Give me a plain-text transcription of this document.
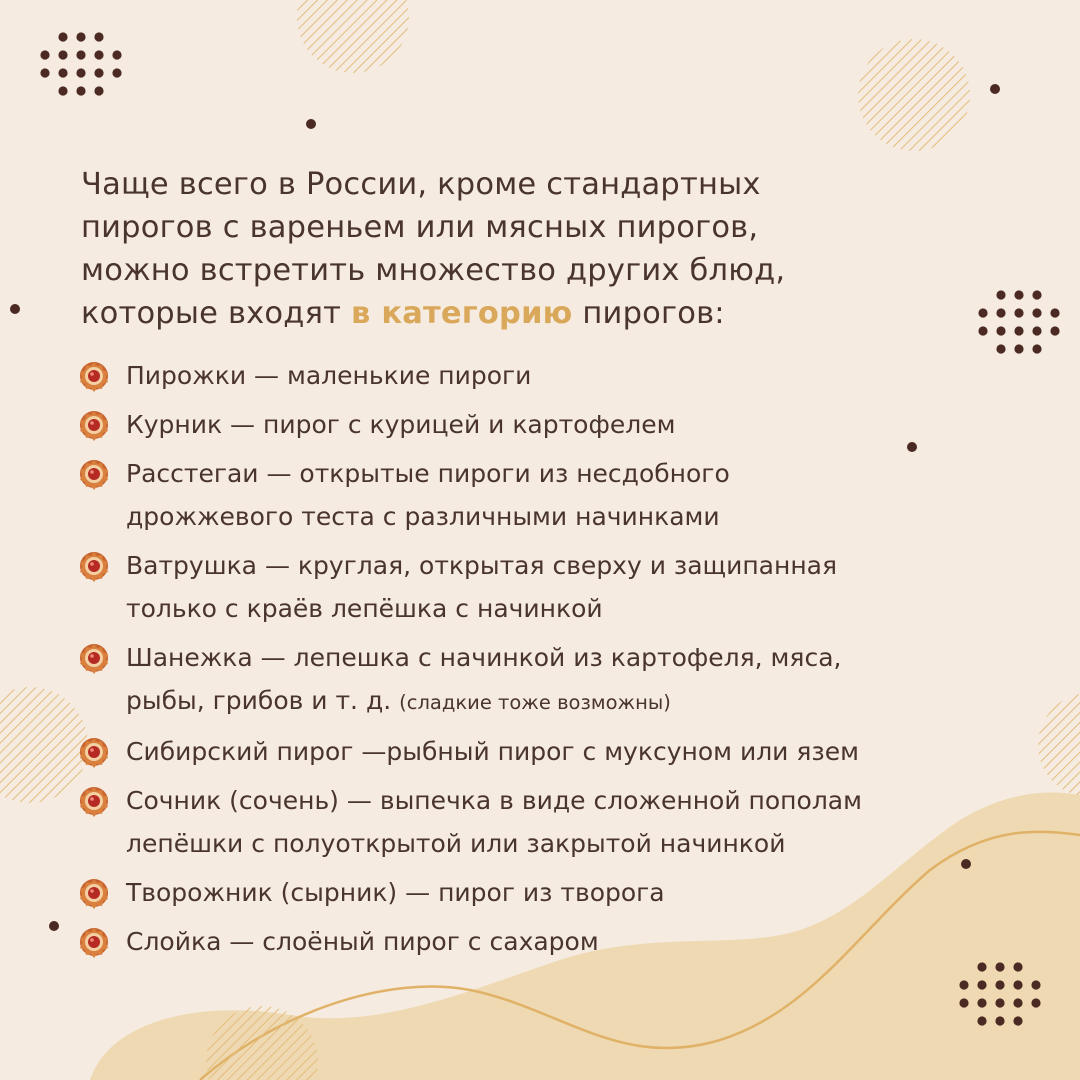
Чаще всего в России, кроме стандартных
пирогов с вареньем или мясных пирогов,
можно встретить множество других блюд,
которые входят в категорию пирогов:

Пирожки — маленькие пироги
Курник — пирог с курицей и картофелем
Расстегаи — открытые пироги из несдобного
дрожжевого теста с различными начинками
Ватрушка — круглая, открытая сверху и защипанная
только с краёв лепёшка с начинкой
Шанежка — лепешка с начинкой из картофеля, мяса,
рыбы, грибов и т. д. (сладкие тоже возможны)
Сибирский пирог —рыбный пирог с муксуном или язем
Сочник (сочень) — выпечка в виде сложенной пополам
лепёшки с полуоткрытой или закрытой начинкой
Творожник (сырник) — пирог из творога
Слойка — слоёный пирог с сахаром
